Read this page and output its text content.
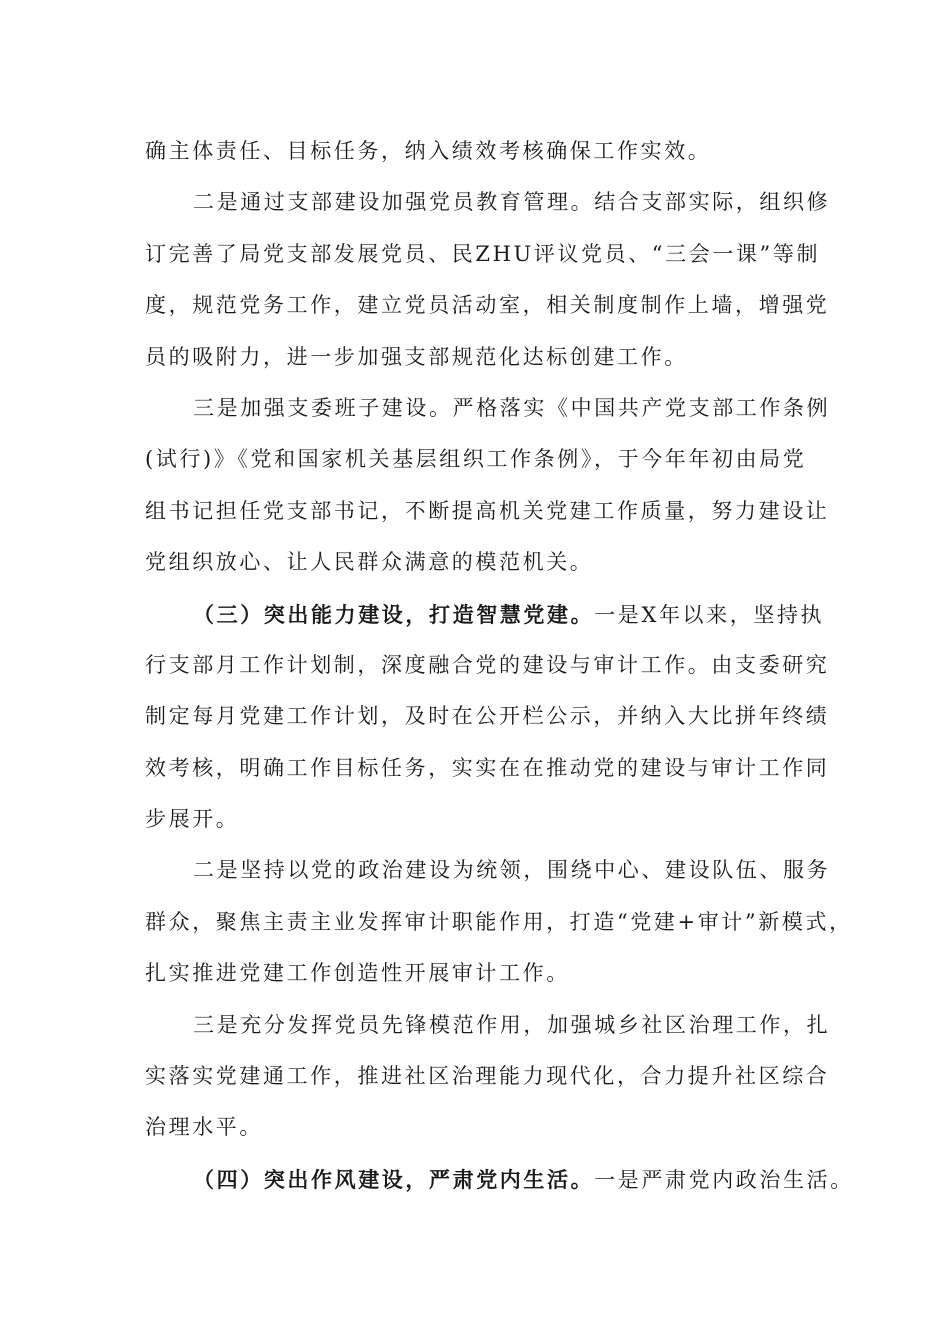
确主体责任、目标任务，纳入绩效考核确保工作实效。
二是通过支部建设加强党员教育管理。结合支部实际，组织修
订完善了局党支部发展党员、民ZHU评议党员、“三会一课”等制
度，规范党务工作，建立党员活动室，相关制度制作上墙，增强党
员的吸附力，进一步加强支部规范化达标创建工作。
三是加强支委班子建设。严格落实《中国共产党支部工作条例
(试行)》《党和国家机关基层组织工作条例》，于今年年初由局党
组书记担任党支部书记，不断提高机关党建工作质量，努力建设让
党组织放心、让人民群众满意的模范机关。
（三）突出能力建设，打造智慧党建。一是X年以来，坚持执
行支部月工作计划制，深度融合党的建设与审计工作。由支委研究
制定每月党建工作计划，及时在公开栏公示，并纳入大比拼年终绩
效考核，明确工作目标任务，实实在在推动党的建设与审计工作同
步展开。
二是坚持以党的政治建设为统领，围绕中心、建设队伍、服务
群众，聚焦主责主业发挥审计职能作用，打造“党建+审计”新模式，
扎实推进党建工作创造性开展审计工作。
三是充分发挥党员先锋模范作用，加强城乡社区治理工作，扎
实落实党建通工作，推进社区治理能力现代化，合力提升社区综合
治理水平。
（四）突出作风建设，严肃党内生活。一是严肃党内政治生活。
